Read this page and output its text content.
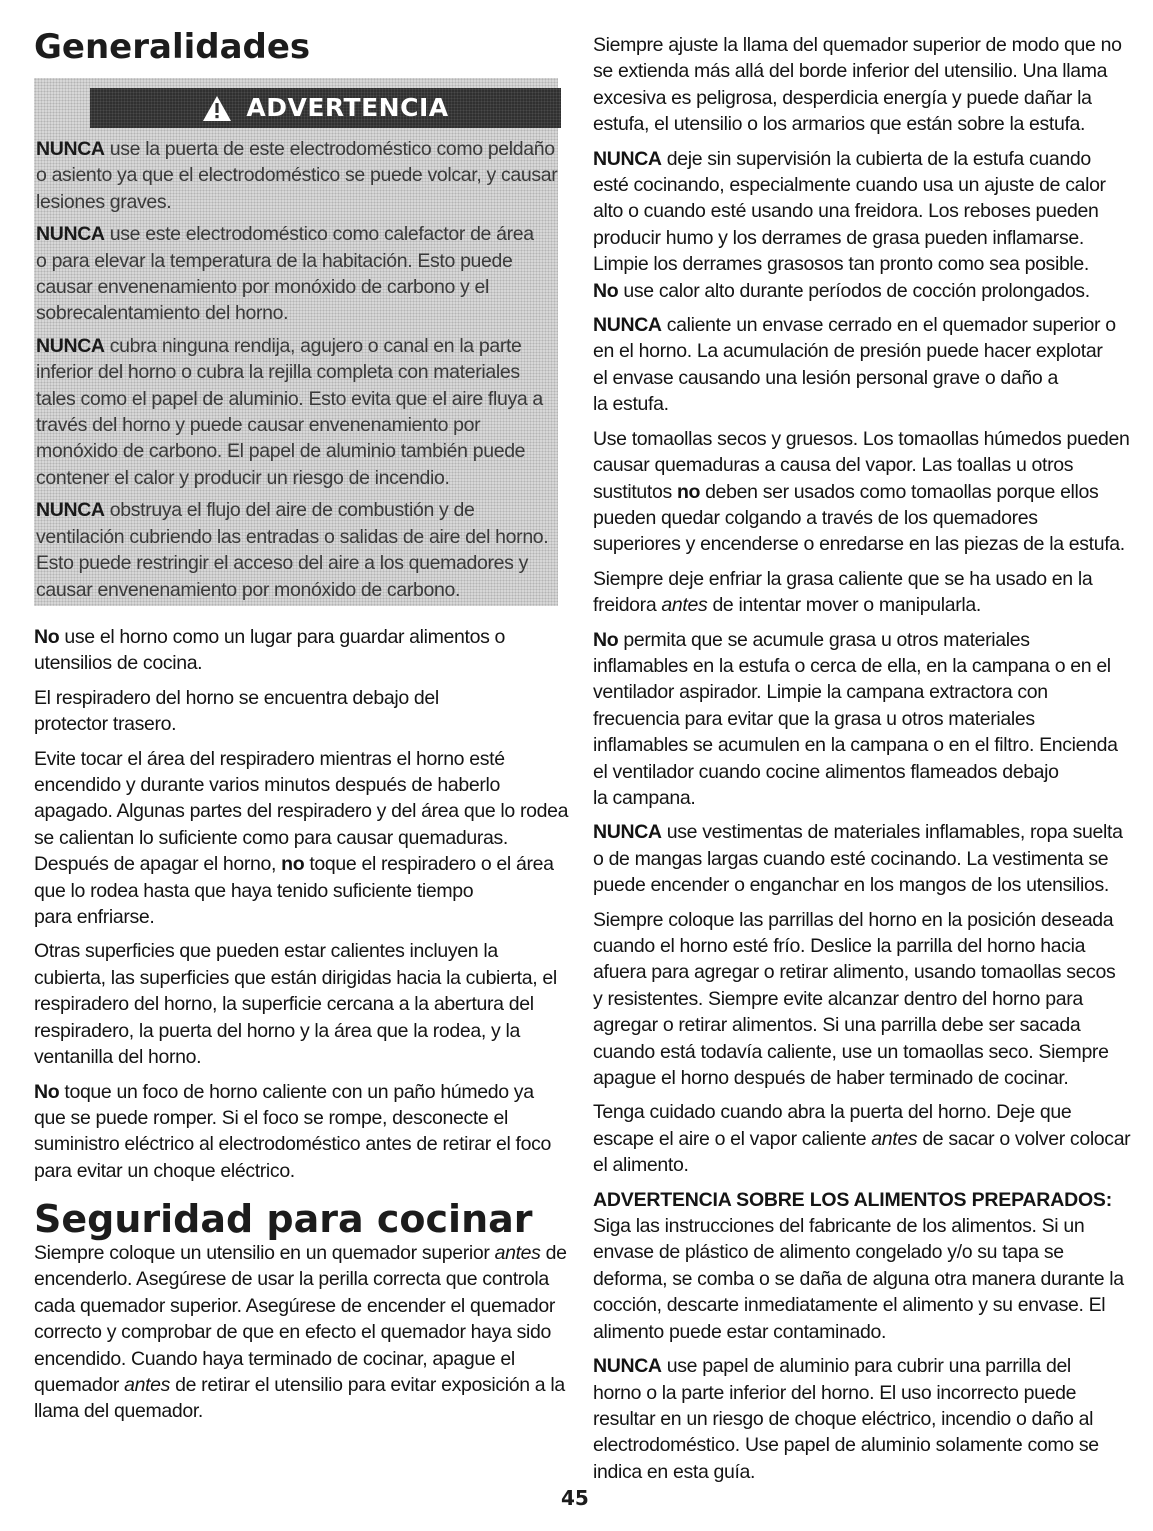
Generalidades
ADVERTENCIA

NUNCA use la puerta de este electrodoméstico como peldaño
o asiento ya que el electrodoméstico se puede volcar, y causar
lesiones graves.

NUNCA use este electrodoméstico como calefactor de área
o para elevar la temperatura de la habitación. Esto puede
causar envenenamiento por monóxido de carbono y el
sobrecalentamiento del horno.

NUNCA cubra ninguna rendija, agujero o canal en la parte
inferior del horno o cubra la rejilla completa con materiales
tales como el papel de aluminio. Esto evita que el aire fluya a
través del horno y puede causar envenenamiento por
monóxido de carbono. El papel de aluminio también puede
contener el calor y producir un riesgo de incendio.

NUNCA obstruya el flujo del aire de combustión y de
ventilación cubriendo las entradas o salidas de aire del horno.
Esto puede restringir el acceso del aire a los quemadores y
causar envenenamiento por monóxido de carbono.

No use el horno como un lugar para guardar alimentos o
utensilios de cocina.

El respiradero del horno se encuentra debajo del
protector trasero.

Evite tocar el área del respiradero mientras el horno esté
encendido y durante varios minutos después de haberlo
apagado. Algunas partes del respiradero y del área que lo rodea
se calientan lo suficiente como para causar quemaduras.
Después de apagar el horno, no toque el respiradero o el área
que lo rodea hasta que haya tenido suficiente tiempo
para enfriarse.

Otras superficies que pueden estar calientes incluyen la
cubierta, las superficies que están dirigidas hacia la cubierta, el
respiradero del horno, la superficie cercana a la abertura del
respiradero, la puerta del horno y la área que la rodea, y la
ventanilla del horno.

No toque un foco de horno caliente con un paño húmedo ya
que se puede romper. Si el foco se rompe, desconecte el
suministro eléctrico al electrodoméstico antes de retirar el foco
para evitar un choque eléctrico.

Seguridad para cocinar

Siempre coloque un utensilio en un quemador superior antes de
encenderlo. Asegúrese de usar la perilla correcta que controla
cada quemador superior. Asegúrese de encender el quemador
correcto y comprobar de que en efecto el quemador haya sido
encendido. Cuando haya terminado de cocinar, apague el
quemador antes de retirar el utensilio para evitar exposición a la
llama del quemador.

Siempre ajuste la llama del quemador superior de modo que no
se extienda más allá del borde inferior del utensilio. Una llama
excesiva es peligrosa, desperdicia energía y puede dañar la
estufa, el utensilio o los armarios que están sobre la estufa.

NUNCA deje sin supervisión la cubierta de la estufa cuando
esté cocinando, especialmente cuando usa un ajuste de calor
alto o cuando esté usando una freidora. Los reboses pueden
producir humo y los derrames de grasa pueden inflamarse.
Limpie los derrames grasosos tan pronto como sea posible.
No use calor alto durante períodos de cocción prolongados.

NUNCA caliente un envase cerrado en el quemador superior o
en el horno. La acumulación de presión puede hacer explotar
el envase causando una lesión personal grave o daño a
la estufa.

Use tomaollas secos y gruesos. Los tomaollas húmedos pueden
causar quemaduras a causa del vapor. Las toallas u otros
sustitutos no deben ser usados como tomaollas porque ellos
pueden quedar colgando a través de los quemadores
superiores y encenderse o enredarse en las piezas de la estufa.

Siempre deje enfriar la grasa caliente que se ha usado en la
freidora antes de intentar mover o manipularla.

No permita que se acumule grasa u otros materiales
inflamables en la estufa o cerca de ella, en la campana o en el
ventilador aspirador. Limpie la campana extractora con
frecuencia para evitar que la grasa u otros materiales
inflamables se acumulen en la campana o en el filtro. Encienda
el ventilador cuando cocine alimentos flameados debajo
la campana.

NUNCA use vestimentas de materiales inflamables, ropa suelta
o de mangas largas cuando esté cocinando. La vestimenta se
puede encender o enganchar en los mangos de los utensilios.

Siempre coloque las parrillas del horno en la posición deseada
cuando el horno esté frío. Deslice la parrilla del horno hacia
afuera para agregar o retirar alimento, usando tomaollas secos
y resistentes. Siempre evite alcanzar dentro del horno para
agregar o retirar alimentos. Si una parrilla debe ser sacada
cuando está todavía caliente, use un tomaollas seco. Siempre
apague el horno después de haber terminado de cocinar.

Tenga cuidado cuando abra la puerta del horno. Deje que
escape el aire o el vapor caliente antes de sacar o volver colocar
el alimento.

ADVERTENCIA SOBRE LOS ALIMENTOS PREPARADOS:
Siga las instrucciones del fabricante de los alimentos. Si un
envase de plástico de alimento congelado y/o su tapa se
deforma, se comba o se daña de alguna otra manera durante la
cocción, descarte inmediatamente el alimento y su envase. El
alimento puede estar contaminado.

NUNCA use papel de aluminio para cubrir una parrilla del
horno o la parte inferior del horno. El uso incorrecto puede
resultar en un riesgo de choque eléctrico, incendio o daño al
electrodoméstico. Use papel de aluminio solamente como se
indica en esta guía.

45
